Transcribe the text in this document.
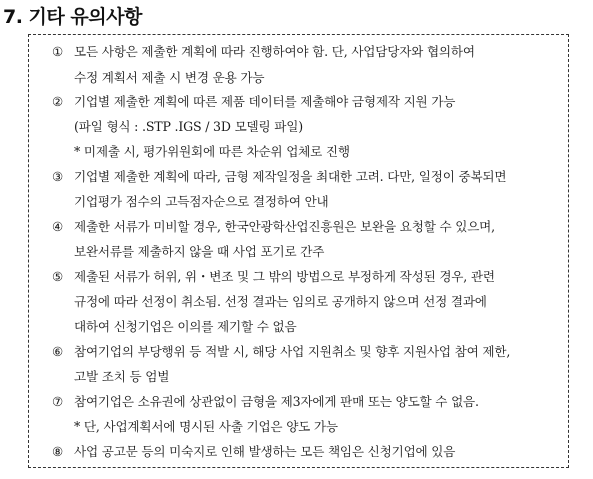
7. 기타 유의사항
① 모든 사항은 제출한 계획에 따라 진행하여야 함. 단, 사업담당자와 협의하여
수정 계획서 제출 시 변경 운용 가능
② 기업별 제출한 계획에 따른 제품 데이터를 제출해야 금형제작 지원 가능
(파일 형식 : .STP .IGS / 3D 모델링 파일)
* 미제출 시, 평가위원회에 따른 차순위 업체로 진행
③ 기업별 제출한 계획에 따라, 금형 제작일정을 최대한 고려. 다만, 일정이 중복되면
기업평가 점수의 고득점자순으로 결정하여 안내
④ 제출한 서류가 미비할 경우, 한국안광학산업진흥원은 보완을 요청할 수 있으며,
보완서류를 제출하지 않을 때 사업 포기로 간주
⑤ 제출된 서류가 허위, 위・변조 및 그 밖의 방법으로 부정하게 작성된 경우, 관련
규정에 따라 선정이 취소됨. 선정 결과는 임의로 공개하지 않으며 선정 결과에
대하여 신청기업은 이의를 제기할 수 없음
⑥ 참여기업의 부당행위 등 적발 시, 해당 사업 지원취소 및 향후 지원사업 참여 제한,
고발 조치 등 엄벌
⑦ 참여기업은 소유권에 상관없이 금형을 제3자에게 판매 또는 양도할 수 없음.
* 단, 사업계획서에 명시된 사출 기업은 양도 가능
⑧ 사업 공고문 등의 미숙지로 인해 발생하는 모든 책임은 신청기업에 있음
